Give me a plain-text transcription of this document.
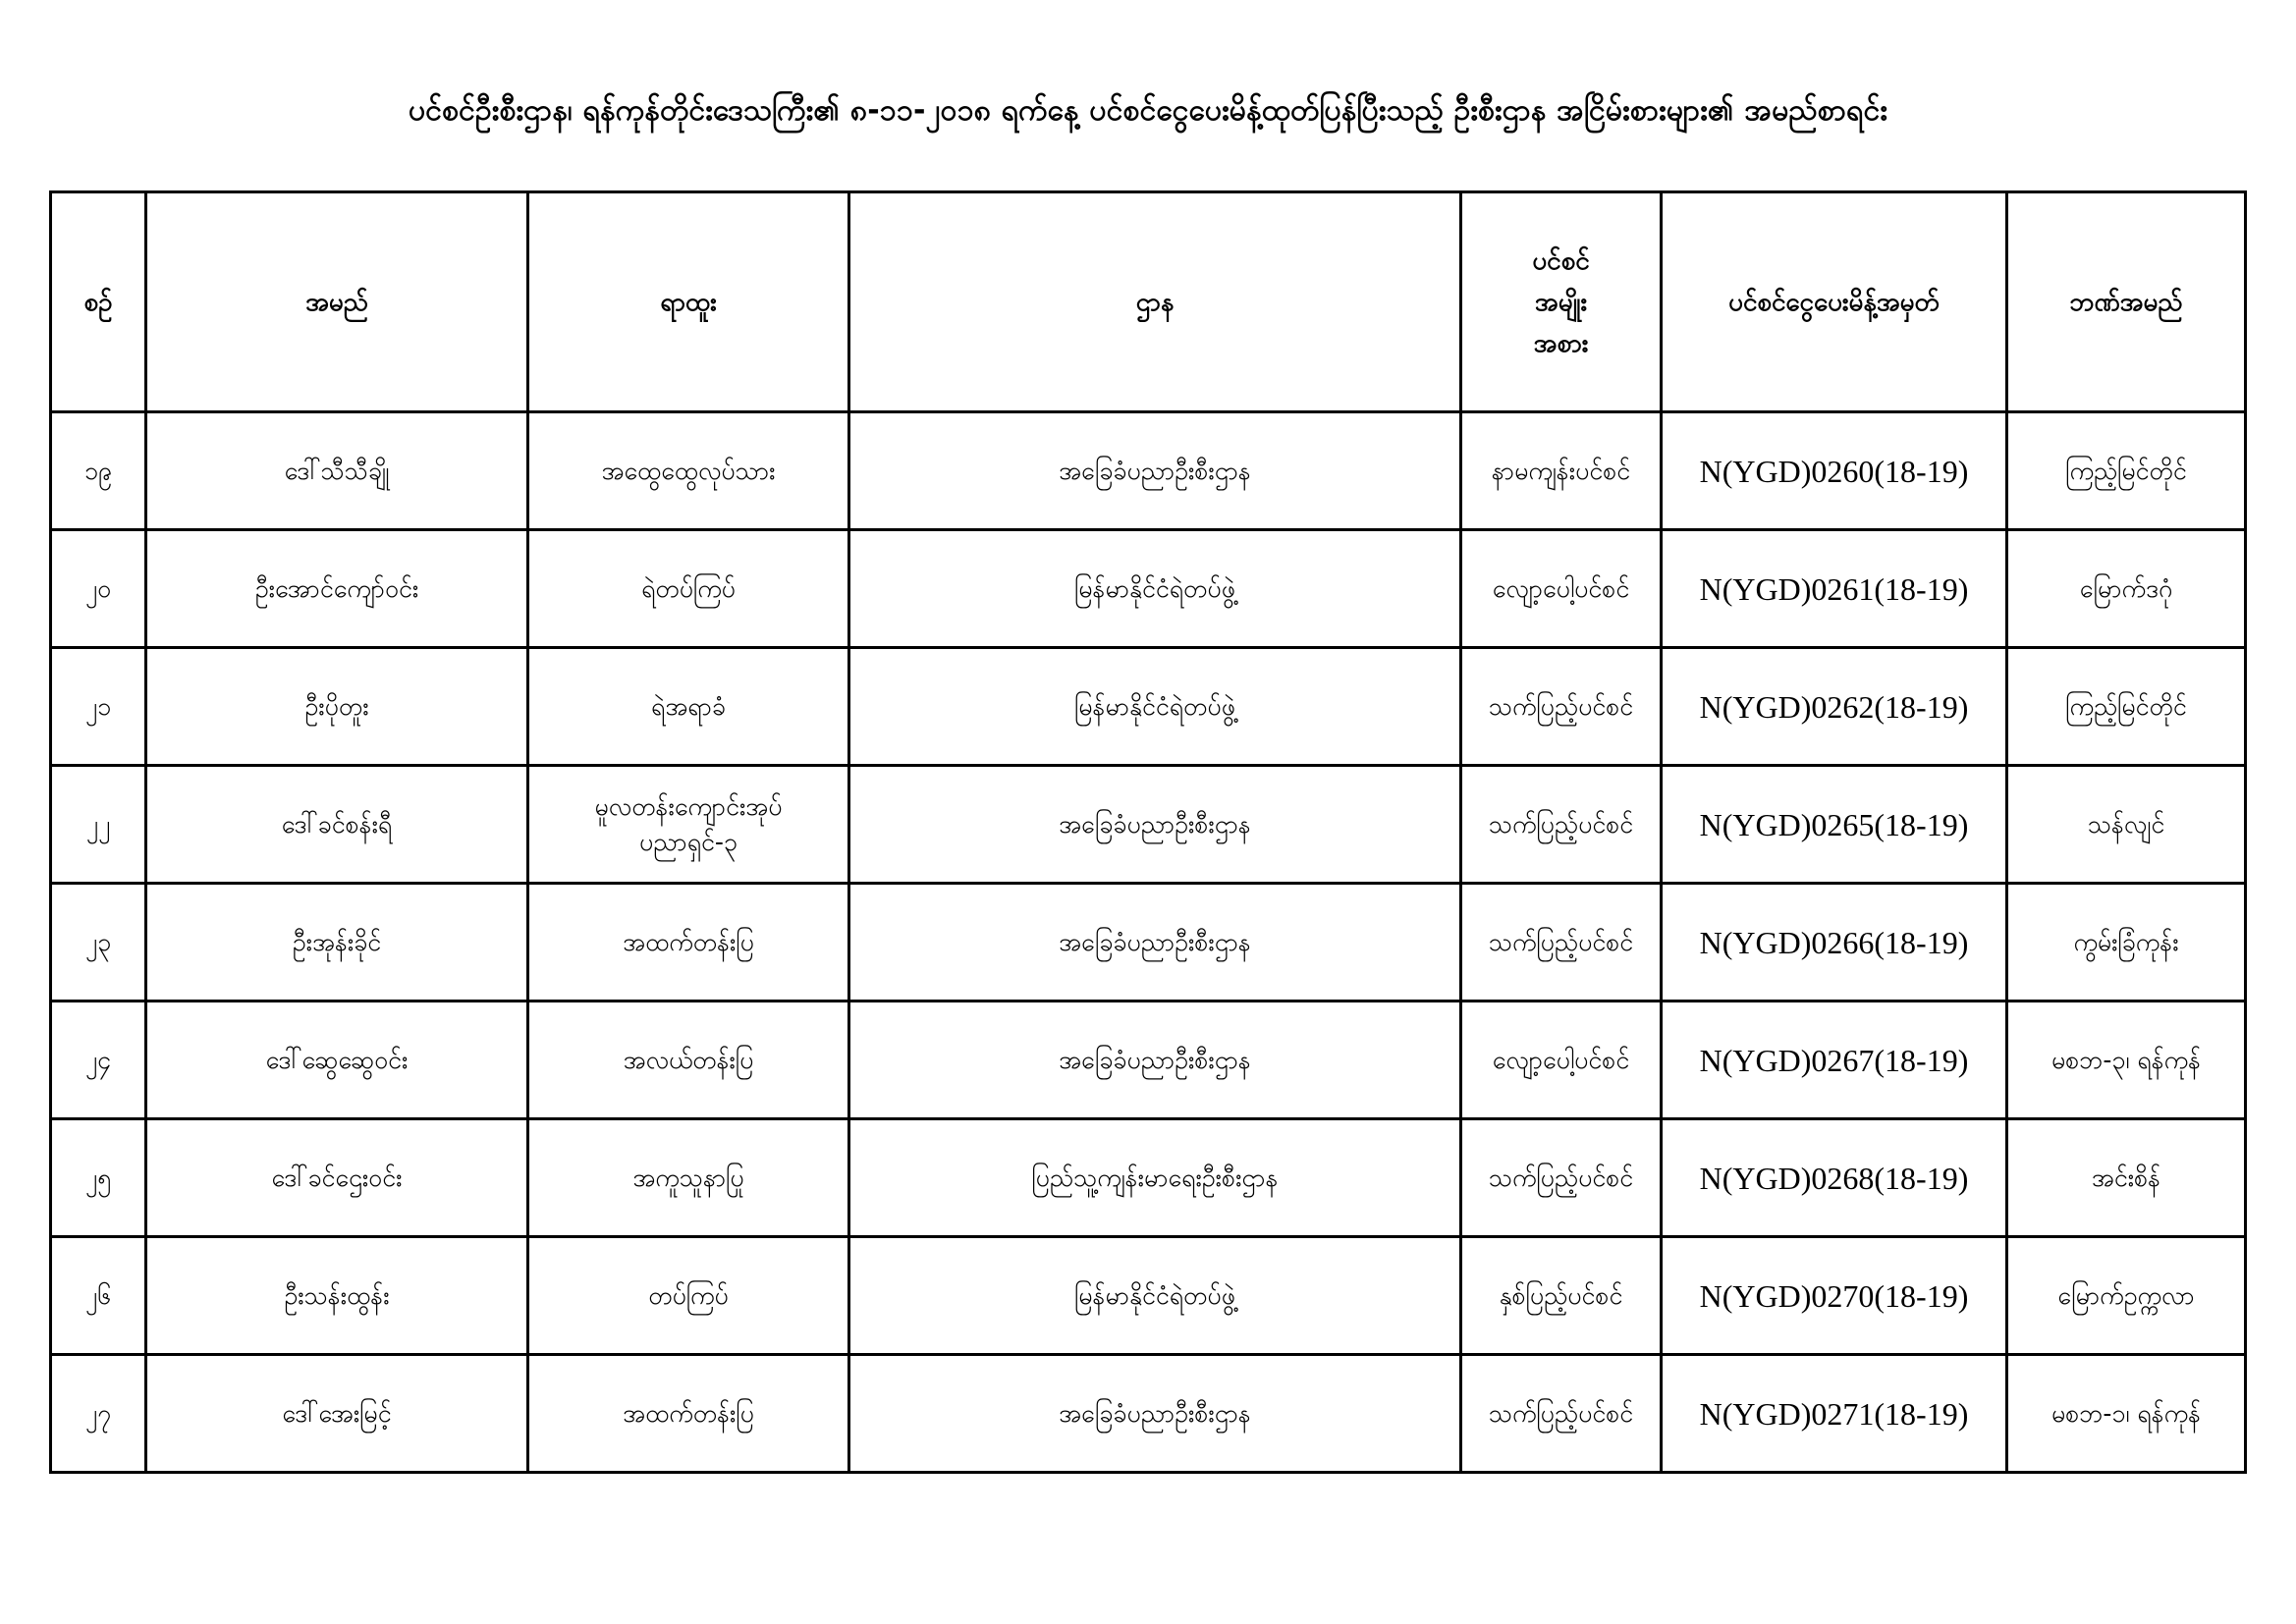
ပင်စင်ဦးစီးဌာန၊ ရန်ကုန်တိုင်းဒေသကြီး၏ ၈-၁၁-၂၀၁၈ ရက်နေ့ ပင်စင်ငွေပေးမိန့်ထုတ်ပြန်ပြီးသည့် ဦးစီးဌာန အငြိမ်းစားများ၏ အမည်စာရင်း
စဉ်	အမည်	ရာထူး	ဌာန	ပင်စင်
အမျိုး
အစား	ပင်စင်ငွေပေးမိန့်အမှတ်	ဘဏ်အမည်
၁၉	ဒေါ်သီသီချို	အထွေထွေလုပ်သား	အခြေခံပညာဦးစီးဌာန	နာမကျန်းပင်စင်	N(YGD)0260(18-19)	ကြည့်မြင်တိုင်
၂၀	ဦးအောင်ကျော်ဝင်း	ရဲတပ်ကြပ်	မြန်မာနိုင်ငံရဲတပ်ဖွဲ့	လျော့ပေါ့ပင်စင်	N(YGD)0261(18-19)	မြောက်ဒဂုံ
၂၁	ဦးပိုတူး	ရဲအရာခံ	မြန်မာနိုင်ငံရဲတပ်ဖွဲ့	သက်ပြည့်ပင်စင်	N(YGD)0262(18-19)	ကြည့်မြင်တိုင်
၂၂	ဒေါ်ခင်စန်းရီ	မူလတန်းကျောင်းအုပ်
ပညာရှင်-၃	အခြေခံပညာဦးစီးဌာန	သက်ပြည့်ပင်စင်	N(YGD)0265(18-19)	သန်လျင်
၂၃	ဦးအုန်းခိုင်	အထက်တန်းပြ	အခြေခံပညာဦးစီးဌာန	သက်ပြည့်ပင်စင်	N(YGD)0266(18-19)	ကွမ်းခြံကုန်း
၂၄	ဒေါ်ဆွေဆွေဝင်း	အလယ်တန်းပြ	အခြေခံပညာဦးစီးဌာန	လျော့ပေါ့ပင်စင်	N(YGD)0267(18-19)	မစဘ-၃၊ ရန်ကုန်
၂၅	ဒေါ်ခင်ဌေးဝင်း	အကူသူနာပြု	ပြည်သူ့ကျန်းမာရေးဦးစီးဌာန	သက်ပြည့်ပင်စင်	N(YGD)0268(18-19)	အင်းစိန်
၂၆	ဦးသန်းထွန်း	တပ်ကြပ်	မြန်မာနိုင်ငံရဲတပ်ဖွဲ့	နှစ်ပြည့်ပင်စင်	N(YGD)0270(18-19)	မြောက်ဥက္ကလာ
၂၇	ဒေါ်အေးမြင့်	အထက်တန်းပြ	အခြေခံပညာဦးစီးဌာန	သက်ပြည့်ပင်စင်	N(YGD)0271(18-19)	မစဘ-၁၊ ရန်ကုန်
